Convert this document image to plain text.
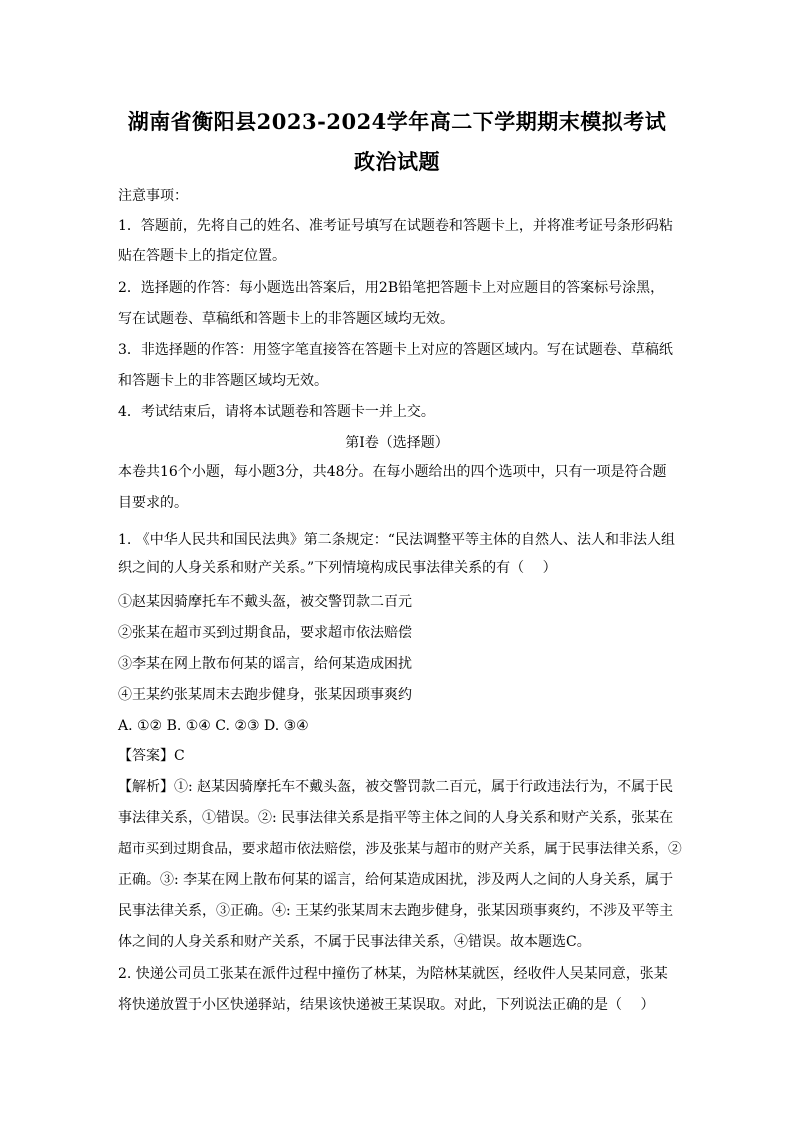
湖南省衡阳县2023-2024学年高二下学期期末模拟考试
政治试题
注意事项：
1．答题前，先将自己的姓名、准考证号填写在试题卷和答题卡上，并将准考证号条形码粘
贴在答题卡上的指定位置。
2．选择题的作答：每小题选出答案后，用2B铅笔把答题卡上对应题目的答案标号涂黑，
写在试题卷、草稿纸和答题卡上的非答题区域均无效。
3．非选择题的作答：用签字笔直接答在答题卡上对应的答题区域内。写在试题卷、草稿纸
和答题卡上的非答题区域均无效。
4．考试结束后，请将本试题卷和答题卡一并上交。
第Ⅰ卷（选择题）
本卷共16个小题，每小题3分，共48分。在每小题给出的四个选项中，只有一项是符合题
目要求的。
1. 《中华人民共和国民法典》第二条规定：“民法调整平等主体的自然人、法人和非法人组
织之间的人身关系和财产关系。”下列情境构成民事法律关系的有（　 ）
①赵某因骑摩托车不戴头盔，被交警罚款二百元
②张某在超市买到过期食品，要求超市依法赔偿
③李某在网上散布何某的谣言，给何某造成困扰
④王某约张某周末去跑步健身，张某因琐事爽约
A. ①② B. ①④ C. ②③ D. ③④
【答案】C
【解析】①: 赵某因骑摩托车不戴头盔，被交警罚款二百元，属于行政违法行为，不属于民
事法律关系，①错误。②: 民事法律关系是指平等主体之间的人身关系和财产关系，张某在
超市买到过期食品，要求超市依法赔偿，涉及张某与超市的财产关系，属于民事法律关系，②
正确。③: 李某在网上散布何某的谣言，给何某造成困扰，涉及两人之间的人身关系，属于
民事法律关系，③正确。④: 王某约张某周末去跑步健身，张某因琐事爽约，不涉及平等主
体之间的人身关系和财产关系，不属于民事法律关系，④错误。故本题选C。
2. 快递公司员工张某在派件过程中撞伤了林某，为陪林某就医，经收件人吴某同意，张某
将快递放置于小区快递驿站，结果该快递被王某误取。对此，下列说法正确的是（　 ）
